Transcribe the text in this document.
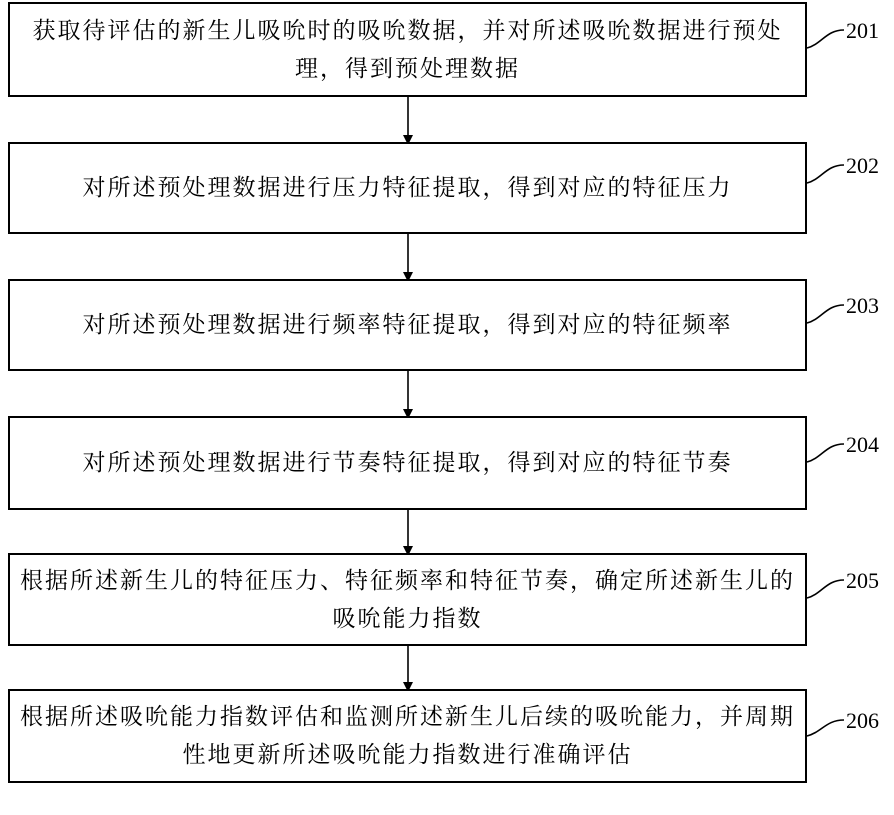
获取待评估的新生儿吸吮时的吸吮数据，并对所述吸吮数据进行预处理，得到预处理数据
201
对所述预处理数据进行压力特征提取，得到对应的特征压力
202
对所述预处理数据进行频率特征提取，得到对应的特征频率
203
对所述预处理数据进行节奏特征提取，得到对应的特征节奏
204
根据所述新生儿的特征压力、特征频率和特征节奏，确定所述新生儿的吸吮能力指数
205
根据所述吸吮能力指数评估和监测所述新生儿后续的吸吮能力，并周期性地更新所述吸吮能力指数进行准确评估
206
